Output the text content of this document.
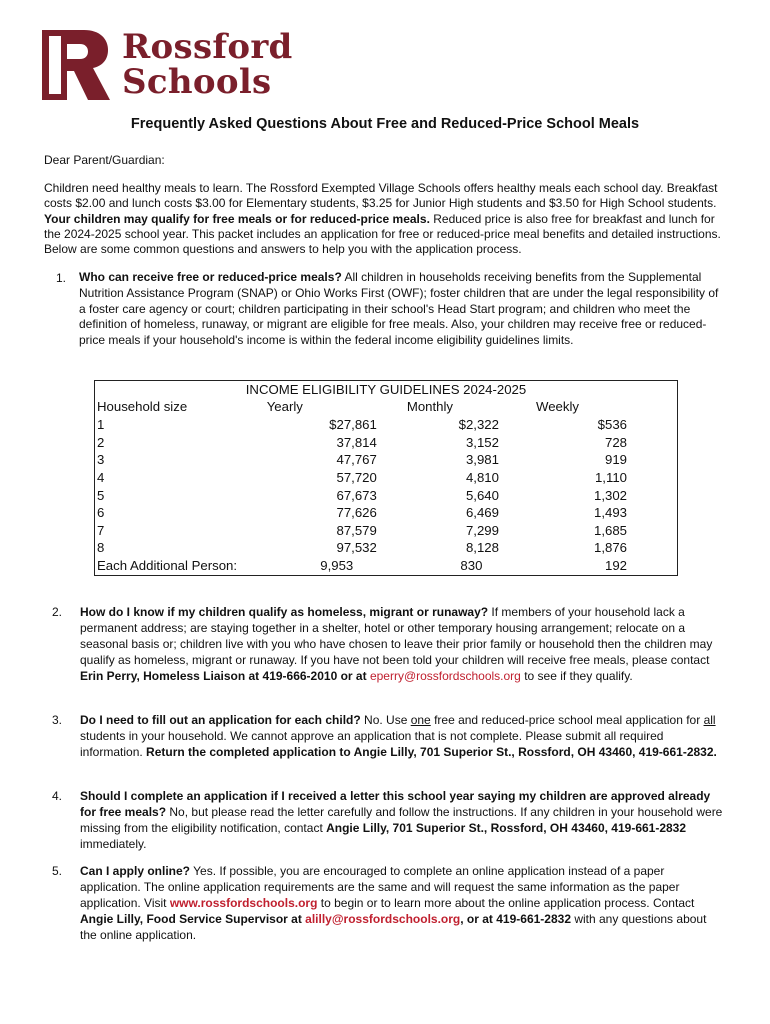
Rossford
Schools
Frequently Asked Questions About Free and Reduced-Price School Meals
Dear Parent/Guardian:
Children need healthy meals to learn. The Rossford Exempted Village Schools offers healthy meals each school day. Breakfast costs $2.00 and lunch costs $3.00 for Elementary students, $3.25 for Junior High students and $3.50 for High School students. Your children may qualify for free meals or for reduced-price meals. Reduced price is also free for breakfast and lunch for the 2024-2025 school year. This packet includes an application for free or reduced-price meal benefits and detailed instructions. Below are some common questions and answers to help you with the application process.
1. Who can receive free or reduced-price meals? All children in households receiving benefits from the Supplemental Nutrition Assistance Program (SNAP) or Ohio Works First (OWF); foster children that are under the legal responsibility of a foster care agency or court; children participating in their school's Head Start program; and children who meet the definition of homeless, runaway, or migrant are eligible for free meals. Also, your children may receive free or reduced-price meals if your household's income is within the federal income eligibility guidelines limits.
2. How do I know if my children qualify as homeless, migrant or runaway? If members of your household lack a permanent address; are staying together in a shelter, hotel or other temporary housing arrangement; relocate on a seasonal basis or; children live with you who have chosen to leave their prior family or household then the children may qualify as homeless, migrant or runaway. If you have not been told your children will receive free meals, please contact Erin Perry, Homeless Liaison at 419-666-2010 or at eperry@rossfordschools.org to see if they qualify.
3. Do I need to fill out an application for each child? No. Use one free and reduced-price school meal application for all students in your household. We cannot approve an application that is not complete. Please submit all required information. Return the completed application to Angie Lilly, 701 Superior St., Rossford, OH 43460, 419-661-2832.
4. Should I complete an application if I received a letter this school year saying my children are approved already for free meals? No, but please read the letter carefully and follow the instructions. If any children in your household were missing from the eligibility notification, contact Angie Lilly, 701 Superior St., Rossford, OH 43460, 419-661-2832 immediately.
5. Can I apply online? Yes. If possible, you are encouraged to complete an online application instead of a paper application. The online application requirements are the same and will request the same information as the paper application. Visit www.rossfordschools.org to begin or to learn more about the online application process. Contact Angie Lilly, Food Service Supervisor at alilly@rossfordschools.org, or at 419-661-2832 with any questions about the online application.
INCOME ELIGIBILITY GUIDELINES 2024-2025			
Household size	Yearly	Monthly	Weekly
1	$27,861	$2,322	$536
2	37,814	3,152	728
3	47,767	3,981	919
4	57,720	4,810	1,110
5	67,673	5,640	1,302
6	77,626	6,469	1,493
7	87,579	7,299	1,685
8	97,532	8,128	1,876
Each Additional Person:	9,953	830	192
